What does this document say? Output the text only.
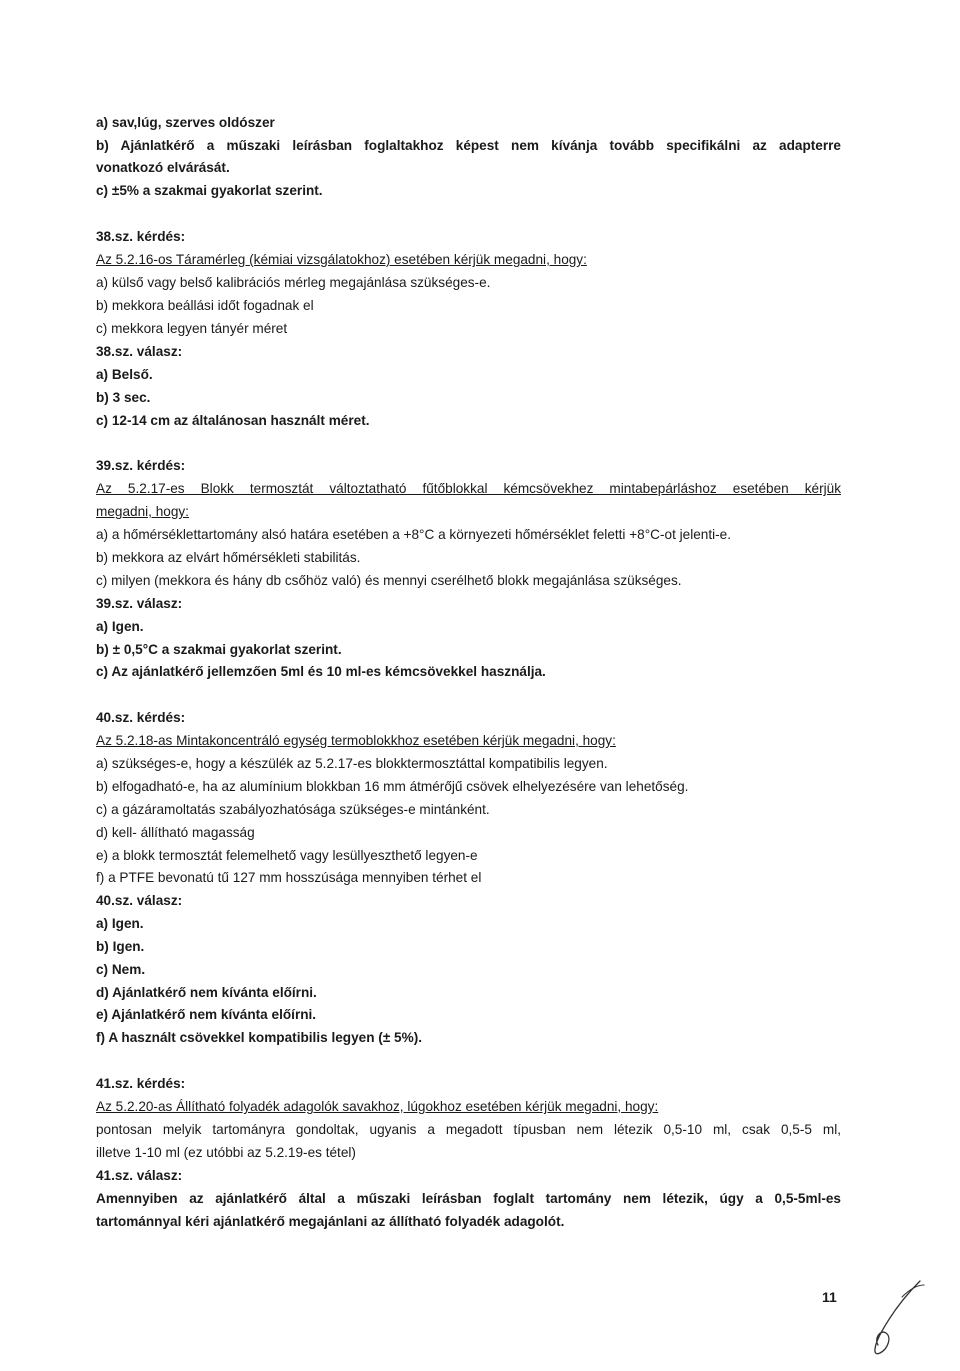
a) sav,lúg, szerves oldószer
b) Ajánlatkérő a műszaki leírásban foglaltakhoz képest nem kívánja tovább specifikálni az adapterre
vonatkozó elvárását.
c) ±5% a szakmai gyakorlat szerint.
38.sz. kérdés:
Az 5.2.16-os Táramérleg (kémiai vizsgálatokhoz) esetében kérjük megadni, hogy:
a) külső vagy belső kalibrációs mérleg megajánlása szükséges-e.
b) mekkora beállási időt fogadnak el
c) mekkora legyen tányér méret
38.sz. válasz:
a) Belső.
b) 3 sec.
c) 12-14 cm az általánosan használt méret.
39.sz. kérdés:
Az 5.2.17-es Blokk termosztát változtatható fűtőblokkal kémcsövekhez mintabepárláshoz esetében kérjük
megadni, hogy:
a) a hőmérséklettartomány alsó határa esetében a +8°C a környezeti hőmérséklet feletti +8°C-ot jelenti-e.
b) mekkora az elvárt hőmérsékleti stabilitás.
c) milyen (mekkora és hány db csőhöz való) és mennyi cserélhető blokk megajánlása szükséges.
39.sz. válasz:
a) Igen.
b) ± 0,5°C a szakmai gyakorlat szerint.
c) Az ajánlatkérő jellemzően 5ml és 10 ml-es kémcsövekkel használja.
40.sz. kérdés:
Az 5.2.18-as Mintakoncentráló egység termoblokkhoz esetében kérjük megadni, hogy:
a) szükséges-e, hogy a készülék az 5.2.17-es blokktermosztáttal kompatibilis legyen.
b) elfogadható-e, ha az alumínium blokkban 16 mm átmérőjű csövek elhelyezésére van lehetőség.
c) a gázáramoltatás szabályozhatósága szükséges-e mintánként.
d) kell- állítható magasság
e) a blokk termosztát felemelhető vagy lesüllyeszthető legyen-e
f) a PTFE bevonatú tű 127 mm hosszúsága mennyiben térhet el
40.sz. válasz:
a) Igen.
b) Igen.
c) Nem.
d) Ajánlatkérő nem kívánta előírni.
e) Ajánlatkérő nem kívánta előírni.
f) A használt csövekkel kompatibilis legyen (± 5%).
41.sz. kérdés:
Az 5.2.20-as Állítható folyadék adagolók savakhoz, lúgokhoz esetében kérjük megadni, hogy:
pontosan melyik tartományra gondoltak, ugyanis a megadott típusban nem létezik 0,5-10 ml, csak 0,5-5 ml,
illetve 1-10 ml (ez utóbbi az 5.2.19-es tétel)
41.sz. válasz:
Amennyiben az ajánlatkérő által a műszaki leírásban foglalt tartomány nem létezik, úgy a 0,5-5ml-es
tartománnyal kéri ajánlatkérő megajánlani az állítható folyadék adagolót.
11
